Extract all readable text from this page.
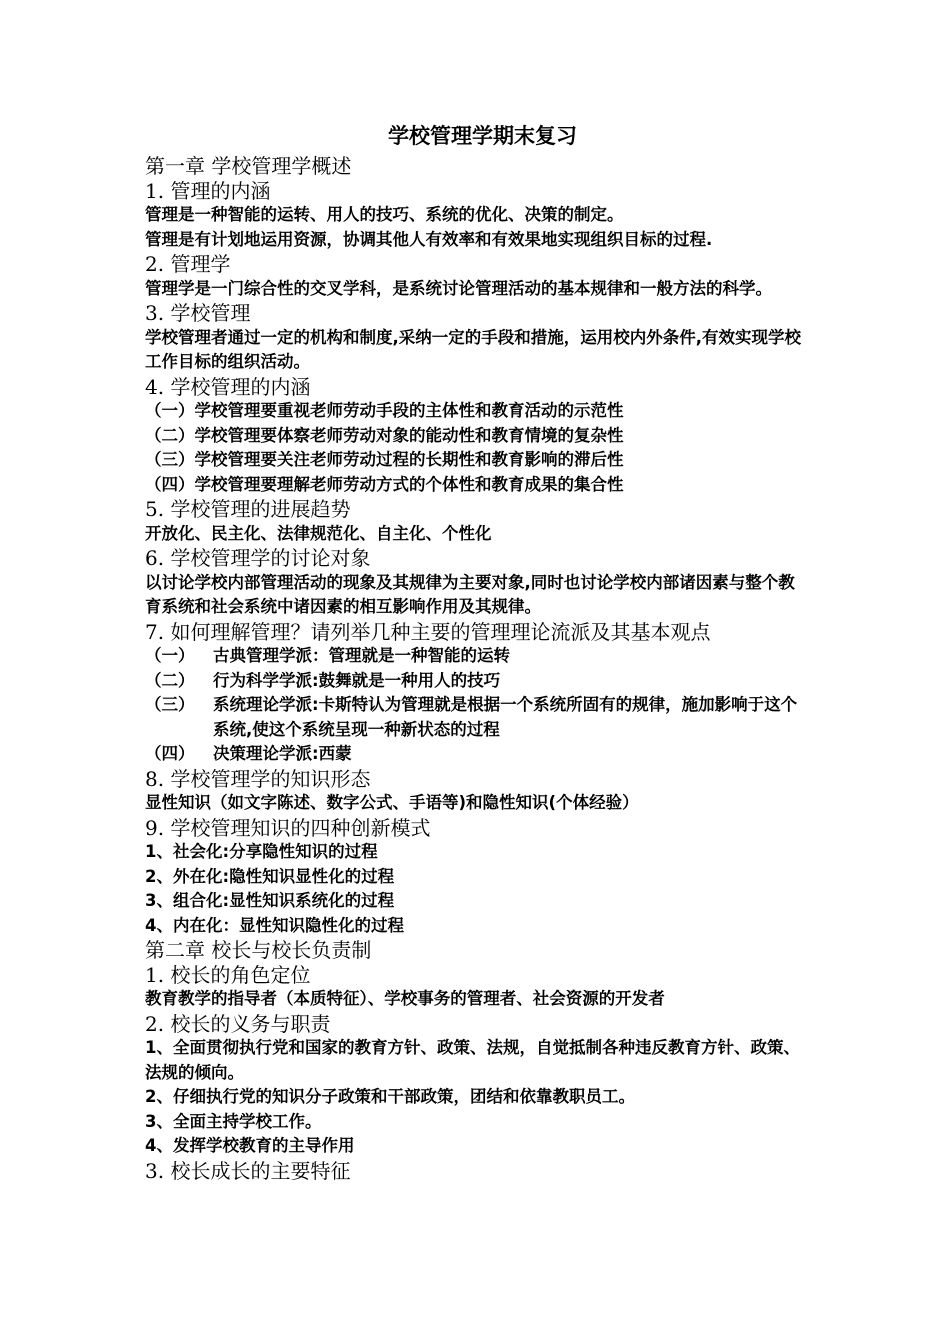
学校管理学期末复习
第一章 学校管理学概述
1. 管理的内涵
管理是一种智能的运转、用人的技巧、系统的优化、决策的制定。
管理是有计划地运用资源，协调其他人有效率和有效果地实现组织目标的过程.
2. 管理学
管理学是一门综合性的交叉学科，是系统讨论管理活动的基本规律和一般方法的科学。
3. 学校管理
学校管理者通过一定的机构和制度,采纳一定的手段和措施，运用校内外条件,有效实现学校工作目标的组织活动。
4. 学校管理的内涵
（一） 学校管理要重视老师劳动手段的主体性和教育活动的示范性
（二） 学校管理要体察老师劳动对象的能动性和教育情境的复杂性
（三） 学校管理要关注老师劳动过程的长期性和教育影响的滞后性
（四） 学校管理要理解老师劳动方式的个体性和教育成果的集合性
5. 学校管理的进展趋势
开放化、民主化、法律规范化、自主化、个性化
6. 学校管理学的讨论对象
以讨论学校内部管理活动的现象及其规律为主要对象,同时也讨论学校内部诸因素与整个教育系统和社会系统中诸因素的相互影响作用及其规律。
7. 如何理解管理？请列举几种主要的管理理论流派及其基本观点
（一）	古典管理学派：管理就是一种智能的运转
（二）	行为科学学派:鼓舞就是一种用人的技巧
（三）	系统理论学派:卡斯特认为管理就是根据一个系统所固有的规律，施加影响于这个系统,使这个系统呈现一种新状态的过程
（四）	决策理论学派:西蒙
8. 学校管理学的知识形态
显性知识（如文字陈述、数字公式、手语等)和隐性知识(个体经验）
9. 学校管理知识的四种创新模式
1、社会化:分享隐性知识的过程
2、外在化:隐性知识显性化的过程
3、组合化:显性知识系统化的过程
4、内在化：显性知识隐性化的过程
第二章 校长与校长负责制
1. 校长的角色定位
教育教学的指导者（本质特征）、学校事务的管理者、社会资源的开发者
2. 校长的义务与职责
1、全面贯彻执行党和国家的教育方针、政策、法规，自觉抵制各种违反教育方针、政策、法规的倾向。
2、仔细执行党的知识分子政策和干部政策，团结和依靠教职员工。
3、全面主持学校工作。
4、发挥学校教育的主导作用
3. 校长成长的主要特征
